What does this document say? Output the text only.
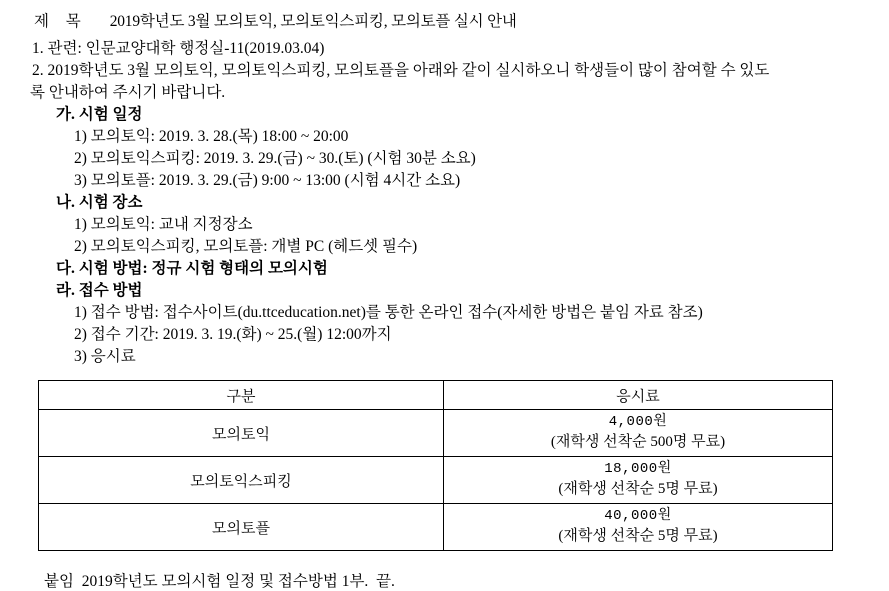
제  목 2019학년도 3월 모의토익, 모의토익스피킹, 모의토플 실시 안내
1. 관련: 인문교양대학 행정실-11(2019.03.04)
2. 2019학년도 3월 모의토익, 모의토익스피킹, 모의토플을 아래와 같이 실시하오니 학생들이 많이 참여할 수 있도
록 안내하여 주시기 바랍니다.
가. 시험 일정
1) 모의토익: 2019. 3. 28.(목) 18:00 ~ 20:00
2) 모의토익스피킹: 2019. 3. 29.(금) ~ 30.(토) (시험 30분 소요)
3) 모의토플: 2019. 3. 29.(금) 9:00 ~ 13:00 (시험 4시간 소요)
나. 시험 장소
1) 모의토익: 교내 지정장소
2) 모의토익스피킹, 모의토플: 개별 PC (헤드셋 필수)
다. 시험 방법: 정규 시험 형태의 모의시험
라. 접수 방법
1) 접수 방법: 접수사이트(du.ttceducation.net)를 통한 온라인 접수(자세한 방법은 붙임 자료 참조)
2) 접수 기간: 2019. 3. 19.(화) ~ 25.(월) 12:00까지
3) 응시료
구분	응시료
모의토익	4,000원
(재학생 선착순 500명 무료)

모의토익스피킹	18,000원
(재학생 선착순 5명 무료)

모의토플	40,000원
(재학생 선착순 5명 무료)
붙임  2019학년도 모의시험 일정 및 접수방법 1부.  끝.
